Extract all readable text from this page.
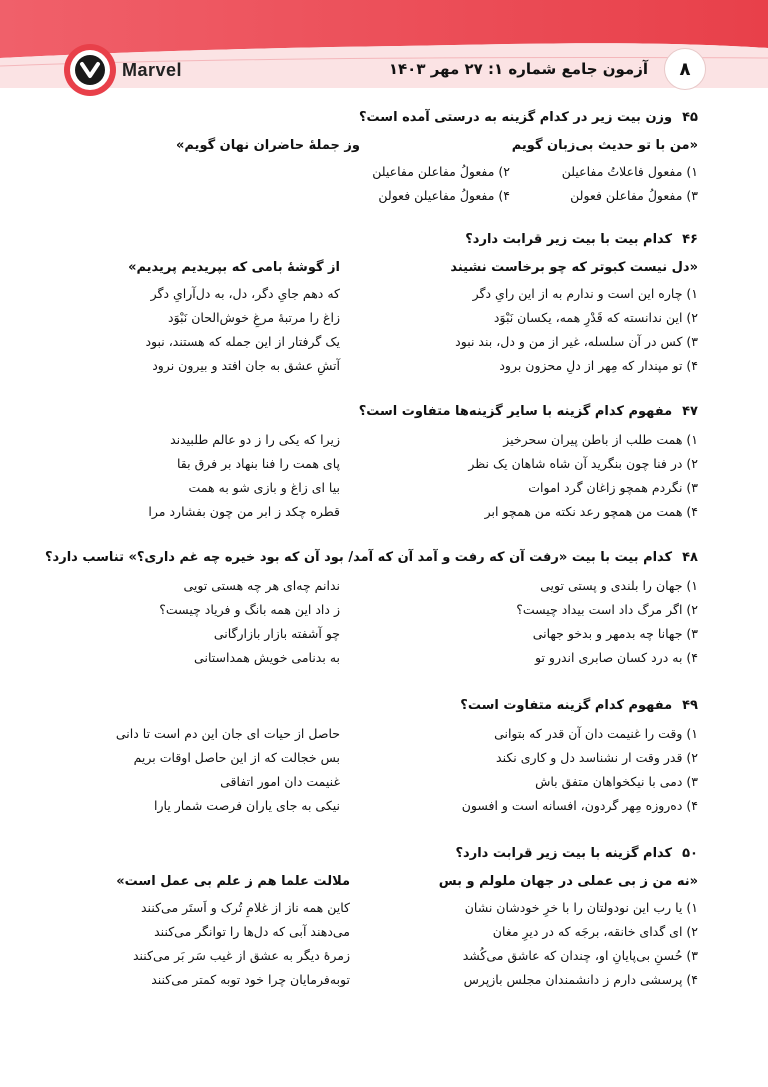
Marvel	آزمون جامع شماره ۱: ۲۷ مهر ۱۴۰۳	۸
۴۵وزن بیت زیر در کدام گزینه به درستی آمده است؟
«من با تو حدیث بی‌زبان گویم
وز جملهٔ حاضران نهان گویم»
۱) مفعول فاعلاتُ مفاعیلن
۲) مفعولُ مفاعلن مفاعیلن
۳) مفعولُ مفاعلن فعولن
۴) مفعولُ مفاعیلن فعولن
۴۶کدام بیت با بیت زیر قرابت دارد؟
«دل نیست کبوتر که چو برخاست نشیند
از گوشهٔ بامی که بپریدیم پریدیم»
۱) چاره این است و ندارم به از این رایِ دگر
که دهم جایِ دگر، دل، به دل‌آرایِ دگر
۲) این ندانسته که قَدْرِ همه، یکسان نَبْوَد
زاغ را مرتبهٔ مرغِ خوش‌الحان نَبْوَد
۳) کس در آن سلسله، غیر از من و دل، بند نبود
یک گرفتار از این جمله که هستند، نبود
۴) تو مپندار که مِهر از دلِ محزون برود
آتشِ عشق به جان افتد و بیرون نرود
۴۷مفهوم کدام گزینه با سایر گزینه‌ها متفاوت است؟
۱) همت طلب از باطن پیران سحرخیز
زیرا که یکی را ز دو عالم طلبیدند
۲) در فنا چون بنگرید آن شاه شاهان یک نظر
پای همت را فنا بنهاد بر فرق بقا
۳) نگردم همچو زاغان گرد اموات
بیا ای زاغ و بازی شو به همت
۴) همت من همچو رعد نکته من همچو ابر
قطره چکد ز ابر من چون بفشارد مرا
۴۸کدام بیت با بیت «رفت آن که رفت و آمد آن که آمد/ بود آن که بود خیره چه غم داری؟» تناسب دارد؟
۱) جهان را بلندی و پستی تویی
ندانم چه‌ای هر چه هستی تویی
۲) اگر مرگ داد است بیداد چیست؟
ز داد این همه بانگ و فریاد چیست؟
۳) جهانا چه بدمهر و بدخو جهانی
چو آشفته بازار بازارگانی
۴) به درد کسان صابری اندرو تو
به بدنامی خویش همداستانی
۴۹مفهوم کدام گزینه متفاوت است؟
۱) وقت را غنیمت دان آن قدر که بتوانی
حاصل از حیات ای جان این دم است تا دانی
۲) قدر وقت ار نشناسد دل و کاری نکند
بس خجالت که از این حاصل اوقات بریم
۳) دمی با نیکخواهان متفق باش
غنیمت دان امور اتفاقی
۴) ده‌روزه مِهر گردون، افسانه است و افسون
نیکی به جای یاران فرصت شمار یارا
۵۰کدام گزینه با بیت زیر قرابت دارد؟
«نه من ز بی عملی در جهان ملولم و بس
ملالت علما هم ز علم بی عمل است»
۱) یا رب این نودولتان را با خرِ خودشان نشان
کاین همه ناز از غلامِ تُرک و اَستَر می‌کنند
۲) ای گدای خانقه، برجَه که در دیرِ مغان
می‌دهند آبی که دل‌ها را توانگر می‌کنند
۳) حُسنِ بی‌پایانِ او، چندان که عاشق می‌کُشد
زمرهٔ دیگر به عشق از غیب سَر بَر می‌کنند
۴) پرسشی دارم ز دانشمندان مجلس بازپرس
توبه‌فرمایان چرا خود توبه کمتر می‌کنند
